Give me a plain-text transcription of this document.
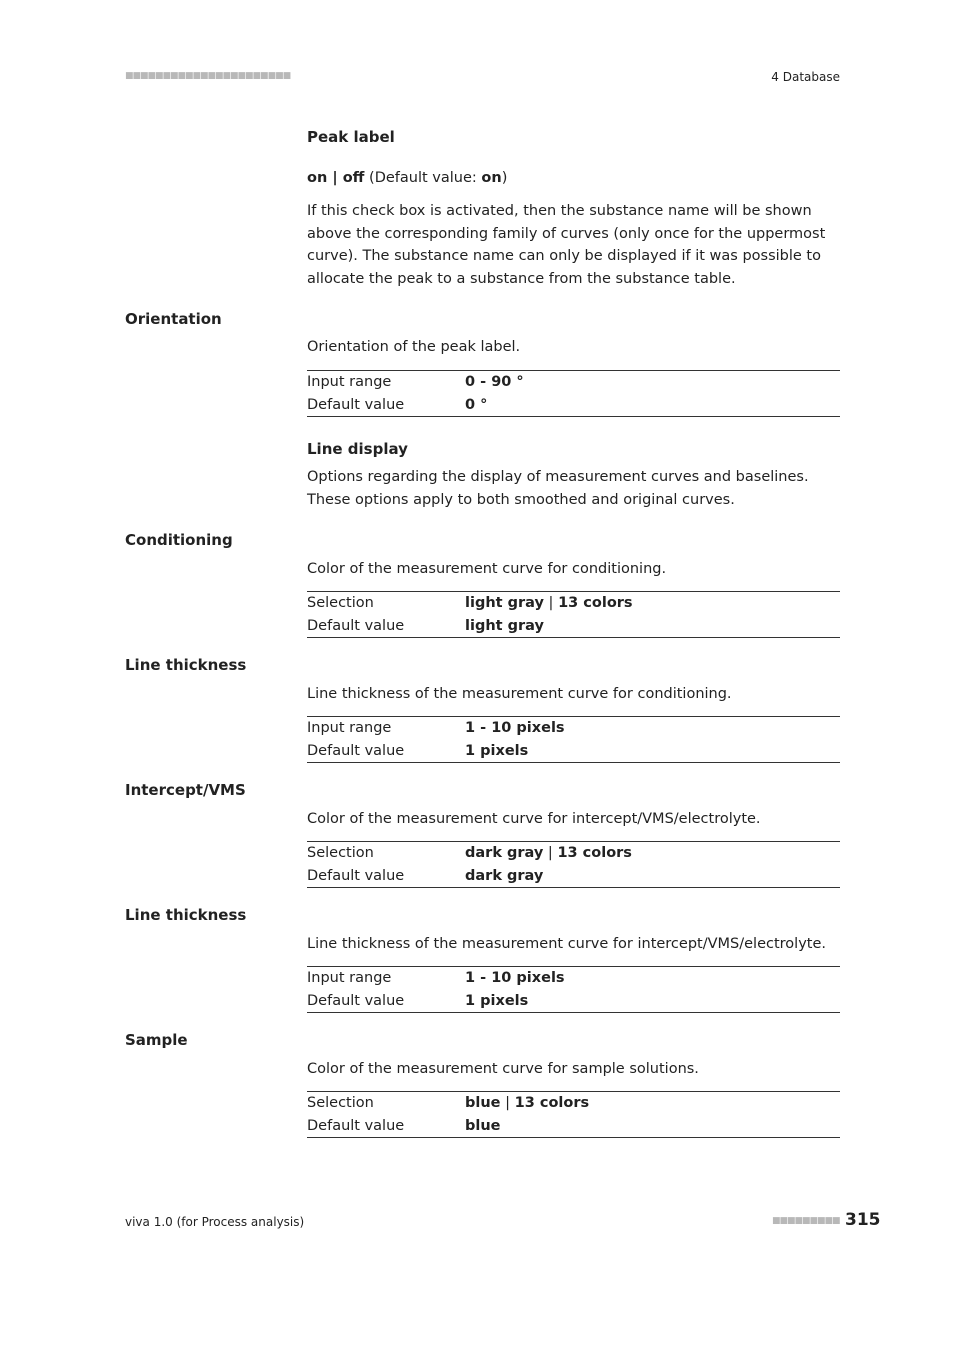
■■■■■■■■■■■■■■■■■■■■■■	4 Database
Peak label
on | off (Default value: on)
If this check box is activated, then the substance name will be shown above the corresponding family of curves (only once for the uppermost curve). The substance name can only be displayed if it was possible to allocate the peak to a substance from the substance table.
Orientation
Orientation of the peak label.
Input range	0 - 90 °
Default value	0 °
Line display
Options regarding the display of measurement curves and baselines. These options apply to both smoothed and original curves.
Conditioning
Color of the measurement curve for conditioning.
Selection	light gray | 13 colors
Default value	light gray
Line thickness
Line thickness of the measurement curve for conditioning.
Input range	1 - 10 pixels
Default value	1 pixels
Intercept/VMS
Color of the measurement curve for intercept/VMS/electrolyte.
Selection	dark gray | 13 colors
Default value	dark gray
Line thickness
Line thickness of the measurement curve for intercept/VMS/electrolyte.
Input range	1 - 10 pixels
Default value	1 pixels
Sample
Color of the measurement curve for sample solutions.
Selection	blue | 13 colors
Default value	blue
viva 1.0 (for Process analysis)	■■■■■■■■■ 315
